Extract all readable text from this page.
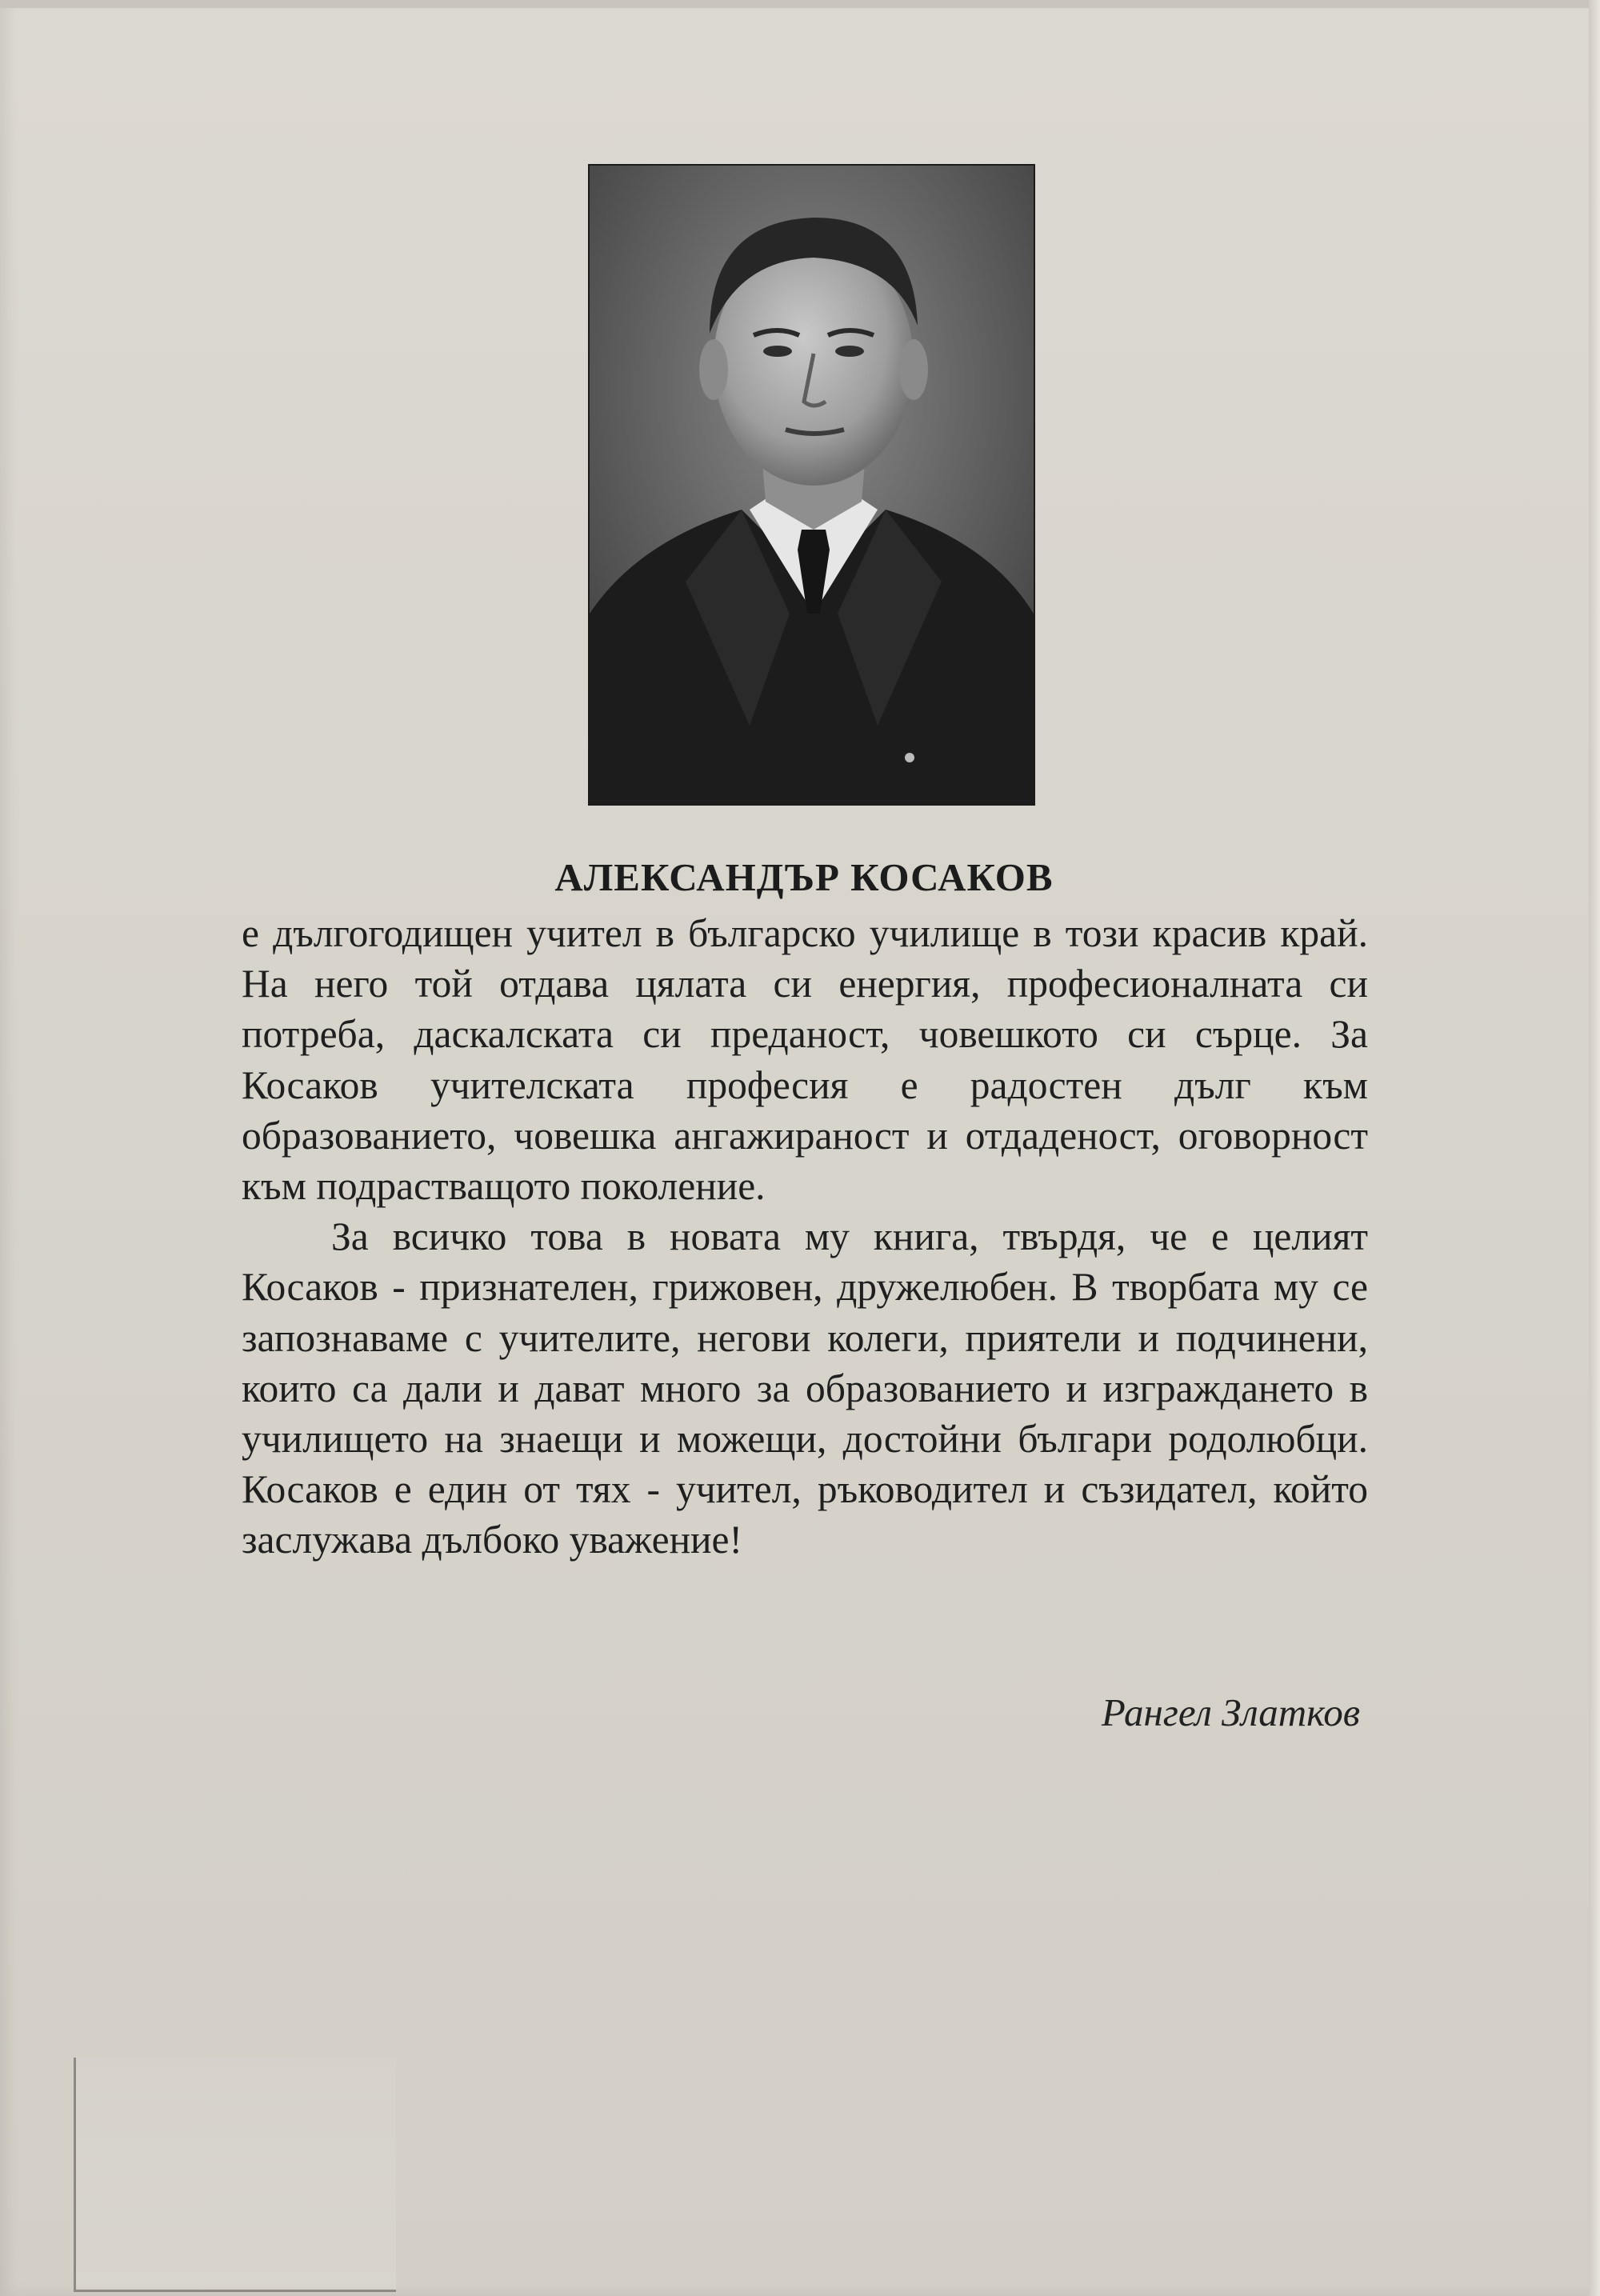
АЛЕКСАНДЪР КОСАКОВ

е дългогодищен учител в българско училище в този красив край. На него той отдава цялата си енергия, професионалната си потреба, даскалската си преданост, човешкото си сърце. За Косаков учителската професия е радостен дълг към образованието, човешка ангажираност и отдаденост, оговорност към подрастващото поколение.

За всичко това в новата му книга, твърдя, че е целият Косаков - признателен, грижовен, дружелюбен. В творбата му се запознаваме с учителите, негови колеги, приятели и подчинени, които са дали и дават много за образованието и изграждането в училището на знаещи и можещи, достойни българи родолюбци. Косаков е един от тях - учител, ръководител и съзидател, който заслужава дълбоко уважение!

Рангел Златков
